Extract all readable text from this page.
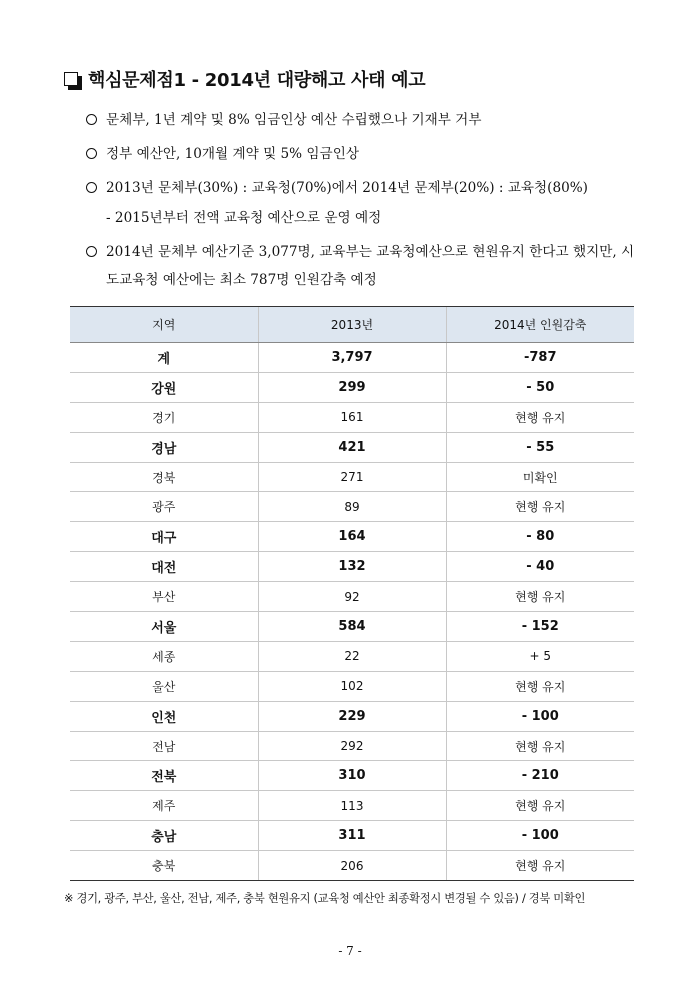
핵심문제점1 - 2014년 대량해고 사태 예고
문체부, 1년 계약 및 8% 임금인상 예산 수립했으나 기재부 거부
정부 예산안, 10개월 계약 및 5% 임금인상
2013년 문체부(30%) : 교육청(70%)에서 2014년 문제부(20%) : 교육청(80%)
- 2015년부터 전액 교육청 예산으로 운영 예정
2014년 문체부 예산기준 3,077명, 교육부는 교육청예산으로 현원유지 한다고 했지만, 시
도교육청 예산에는 최소 787명 인원감축 예정
지역	2013년	2014년 인원감축
계	3,797	-787
강원	299	- 50
경기	161	현행 유지
경남	421	- 55
경북	271	미확인
광주	89	현행 유지
대구	164	- 80
대전	132	- 40
부산	92	현행 유지
서울	584	- 152
세종	22	+ 5
울산	102	현행 유지
인천	229	- 100
전남	292	현행 유지
전북	310	- 210
제주	113	현행 유지
충남	311	- 100
충북	206	현행 유지
※ 경기, 광주, 부산, 울산, 전남, 제주, 충북 현원유지 (교육청 예산안 최종확정시 변경될 수 있음) / 경북 미확인
- 7 -
